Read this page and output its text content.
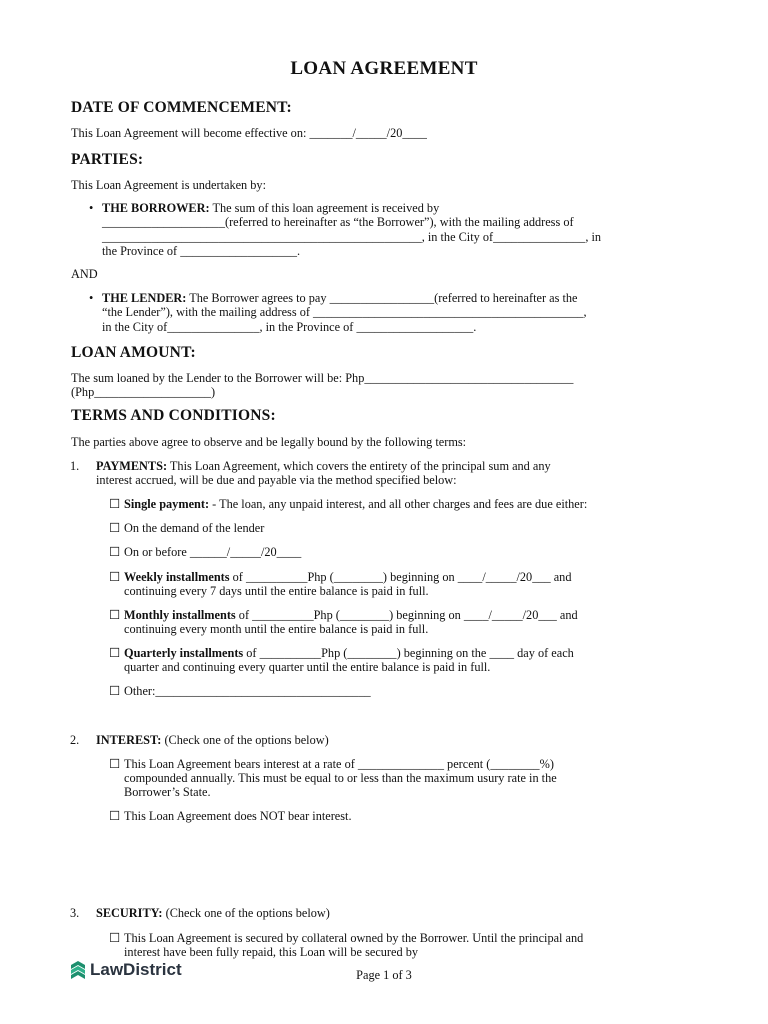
LOAN AGREEMENT
DATE OF COMMENCEMENT:

This Loan Agreement will become effective on: _______/_____/20____

PARTIES:

This Loan Agreement is undertaken by:

• THE BORROWER: The sum of this loan agreement is received by
____________________(referred to hereinafter as “the Borrower”), with the mailing address of
____________________________________________________, in the City of_______________, in
the Province of ___________________.

AND

• THE LENDER: The Borrower agrees to pay _________________(referred to hereinafter as the
“the Lender”), with the mailing address of ____________________________________________,
in the City of_______________, in the Province of ___________________.
LOAN AMOUNT:

The sum loaned by the Lender to the Borrower will be: Php__________________________________

(Php___________________)

TERMS AND CONDITIONS:

The parties above agree to observe and be legally bound by the following terms:

1. PAYMENTS: This Loan Agreement, which covers the entirety of the principal sum and any
interest accrued, will be due and payable via the method specified below:
☐ Single payment: - The loan, any unpaid interest, and all other charges and fees are due either:
☐ On the demand of the lender
☐ On or before ______/_____/20____
☐ Weekly installments of __________Php (________) beginning on ____/_____/20___ and
continuing every 7 days until the entire balance is paid in full.
☐ Monthly installments of __________Php (________) beginning on ____/_____/20___ and
continuing every month until the entire balance is paid in full.
☐ Quarterly installments of __________Php (________) beginning on the ____ day of each
quarter and continuing every quarter until the entire balance is paid in full.
☐ Other:___________________________________
2. INTEREST: (Check one of the options below)
☐ This Loan Agreement bears interest at a rate of ______________ percent (________%)
compounded annually. This must be equal to or less than the maximum usury rate in the
Borrower’s State.
☐ This Loan Agreement does NOT bear interest.
3. SECURITY: (Check one of the options below)
☐ This Loan Agreement is secured by collateral owned by the Borrower. Until the principal and
interest have been fully repaid, this Loan will be secured by
LawDistrict	Page 1 of 3
